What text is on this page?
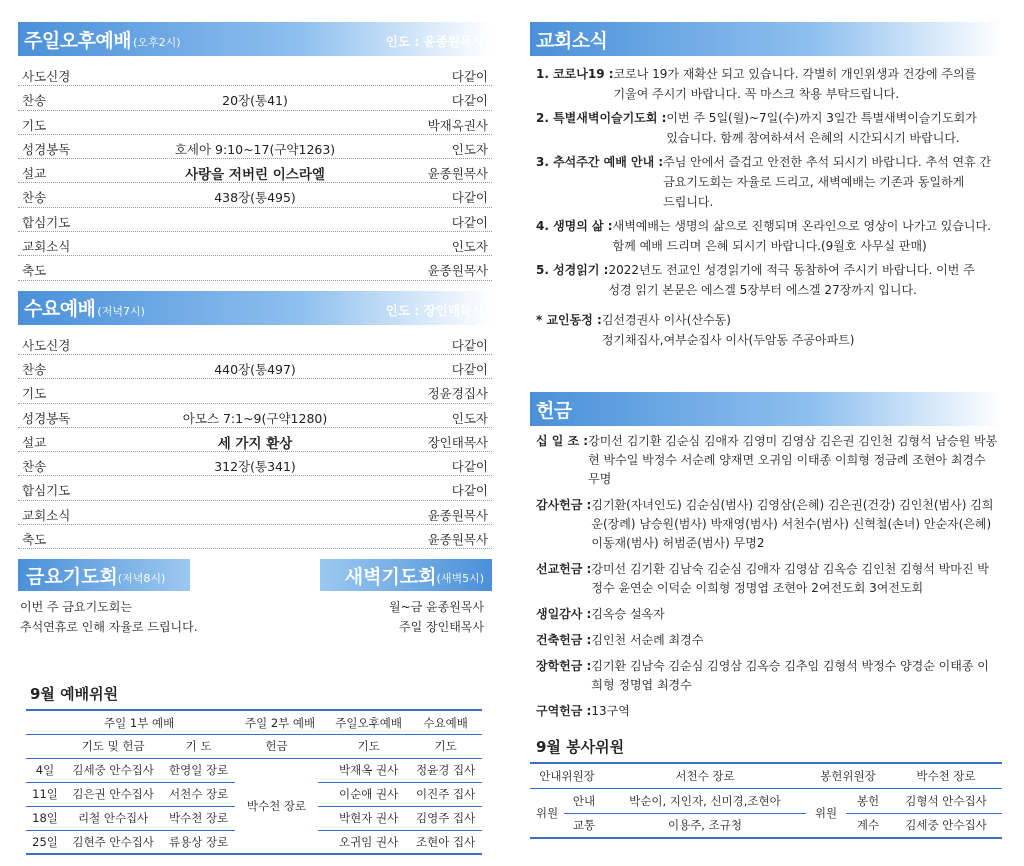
주일오후예배 (오후2시)	인도 : 윤종원목사
사도신경	다같이
찬송	20장(통41)	다같이
기도	박재옥권사
성경봉독	호세아 9:10~17(구약1263)	인도자
설교	사랑을 저버린 이스라엘	윤종원목사
찬송	438장(통495)	다같이
합심기도	다같이
교회소식	인도자
축도	윤종원목사
수요예배 (저녁7시)	인도 : 장인태목사
사도신경	다같이
찬송	440장(통497)	다같이
기도	정윤경집사
성경봉독	아모스 7:1~9(구약1280)	인도자
설교	세 가지 환상	장인태목사
찬송	312장(통341)	다같이
합심기도	다같이
교회소식	윤종원목사
축도	윤종원목사
금요기도회 (저녁8시)	새벽기도회 (새벽5시)
이번 주 금요기도회는
추석연휴로 인해 자율로 드립니다.
월~금 윤종원목사
주일 장인태목사
9월 예배위원
	주일 1부 예배		주일 2부 예배		주일오후예배	수요예배
	기도 및 헌금	기 도	헌금		기도	기도
4일	김세중 안수집사	한영일 장로	박수천 장로		박재옥 권사	정윤경 집사
11일	김은권 안수집사	서천수 장로			이순애 권사	이진주 집사
18일	리철 안수집사	박수천 장로			박현자 권사	김영주 집사
25일	김현주 안수집사	류용상 장로			오귀임 권사	조현아 집사
교회소식
1. 코로나19 : 코로나 19가 재확산 되고 있습니다. 각별히 개인위생과 건강에 주의를
기울여 주시기 바랍니다. 꼭 마스크 착용 부탁드립니다.
2. 특별새벽이슬기도회 : 이번 주 5일(월)~7일(수)까지 3일간 특별새벽이슬기도회가
있습니다. 함께 참여하셔서 은혜의 시간되시기 바랍니다.
3. 추석주간 예배 안내 : 주님 안에서 즐겁고 안전한 추석 되시기 바랍니다. 추석 연휴 간
금요기도회는 자율로 드리고, 새벽예배는 기존과 동일하게
드립니다.
4. 생명의 삶 : 새벽예배는 생명의 삶으로 진행되며 온라인으로 영상이 나가고 있습니다.
함께 예배 드리며 은혜 되시기 바랍니다.(9월호 사무실 판매)
5. 성경읽기 : 2022년도 전교인 성경읽기에 적극 동참하여 주시기 바랍니다. 이번 주
성경 읽기 본문은 에스겔 5장부터 에스겔 27장까지 입니다.
* 교인동정 : 김선경권사 이사(산수동)
정기채집사,여부순집사 이사(두암동 주공아파트)
헌금
십 일 조 : 강미선 김기환 김순심 김애자 김영미 김영삼 김은권 김인천 김형석 남승원 박봉현 박수일 박정수 서순례 양재면 오귀임 이태종 이희형 정금례 조현아 최경수 무명
감사헌금 : 김기환(자녀인도) 김순심(범사) 김영삼(은혜) 김은권(건강) 김인천(범사) 김희운(장례) 남승원(범사) 박재영(범사) 서천수(범사) 신혁철(손녀) 안순자(은혜) 이동재(범사) 허범준(범사) 무명2
선교헌금 : 강미선 김기환 김남숙 김순심 김애자 김영삼 김옥승 김인천 김형석 박마진 박정수 윤연순 이덕순 이희형 정명엽 조현아 2여전도회 3여전도회
생일감사 : 김옥승 설옥자
건축헌금 : 김인천 서순례 최경수
장학헌금 : 김기환 김남숙 김순심 김영삼 김옥승 김추임 김형석 박정수 양경순 이태종 이희형 정명엽 최경수
구역헌금 : 13구역
9월 봉사위원
안내위원장		서천수 장로	봉헌위원장		박수천 장로
위원	안내	박순이, 지인자, 신미경,조현아	위원	봉헌	김형석 안수집사
	교통	이용주, 조규청		계수	김세중 안수집사
